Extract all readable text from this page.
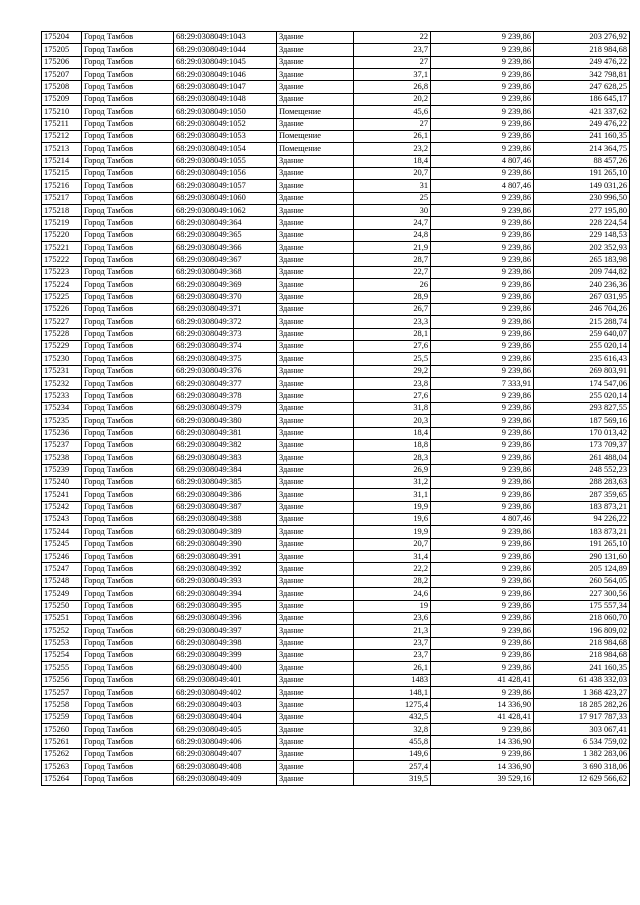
175204	Город Тамбов	68:29:0308049:1043	Здание	22	9 239,86	203 276,92
175205	Город Тамбов	68:29:0308049:1044	Здание	23,7	9 239,86	218 984,68
175206	Город Тамбов	68:29:0308049:1045	Здание	27	9 239,86	249 476,22
175207	Город Тамбов	68:29:0308049:1046	Здание	37,1	9 239,86	342 798,81
175208	Город Тамбов	68:29:0308049:1047	Здание	26,8	9 239,86	247 628,25
175209	Город Тамбов	68:29:0308049:1048	Здание	20,2	9 239,86	186 645,17
175210	Город Тамбов	68:29:0308049:1050	Помещение	45,6	9 239,86	421 337,62
175211	Город Тамбов	68:29:0308049:1052	Здание	27	9 239,86	249 476,22
175212	Город Тамбов	68:29:0308049:1053	Помещение	26,1	9 239,86	241 160,35
175213	Город Тамбов	68:29:0308049:1054	Помещение	23,2	9 239,86	214 364,75
175214	Город Тамбов	68:29:0308049:1055	Здание	18,4	4 807,46	88 457,26
175215	Город Тамбов	68:29:0308049:1056	Здание	20,7	9 239,86	191 265,10
175216	Город Тамбов	68:29:0308049:1057	Здание	31	4 807,46	149 031,26
175217	Город Тамбов	68:29:0308049:1060	Здание	25	9 239,86	230 996,50
175218	Город Тамбов	68:29:0308049:1062	Здание	30	9 239,86	277 195,80
175219	Город Тамбов	68:29:0308049:364	Здание	24,7	9 239,86	228 224,54
175220	Город Тамбов	68:29:0308049:365	Здание	24,8	9 239,86	229 148,53
175221	Город Тамбов	68:29:0308049:366	Здание	21,9	9 239,86	202 352,93
175222	Город Тамбов	68:29:0308049:367	Здание	28,7	9 239,86	265 183,98
175223	Город Тамбов	68:29:0308049:368	Здание	22,7	9 239,86	209 744,82
175224	Город Тамбов	68:29:0308049:369	Здание	26	9 239,86	240 236,36
175225	Город Тамбов	68:29:0308049:370	Здание	28,9	9 239,86	267 031,95
175226	Город Тамбов	68:29:0308049:371	Здание	26,7	9 239,86	246 704,26
175227	Город Тамбов	68:29:0308049:372	Здание	23,3	9 239,86	215 288,74
175228	Город Тамбов	68:29:0308049:373	Здание	28,1	9 239,86	259 640,07
175229	Город Тамбов	68:29:0308049:374	Здание	27,6	9 239,86	255 020,14
175230	Город Тамбов	68:29:0308049:375	Здание	25,5	9 239,86	235 616,43
175231	Город Тамбов	68:29:0308049:376	Здание	29,2	9 239,86	269 803,91
175232	Город Тамбов	68:29:0308049:377	Здание	23,8	7 333,91	174 547,06
175233	Город Тамбов	68:29:0308049:378	Здание	27,6	9 239,86	255 020,14
175234	Город Тамбов	68:29:0308049:379	Здание	31,8	9 239,86	293 827,55
175235	Город Тамбов	68:29:0308049:380	Здание	20,3	9 239,86	187 569,16
175236	Город Тамбов	68:29:0308049:381	Здание	18,4	9 239,86	170 013,42
175237	Город Тамбов	68:29:0308049:382	Здание	18,8	9 239,86	173 709,37
175238	Город Тамбов	68:29:0308049:383	Здание	28,3	9 239,86	261 488,04
175239	Город Тамбов	68:29:0308049:384	Здание	26,9	9 239,86	248 552,23
175240	Город Тамбов	68:29:0308049:385	Здание	31,2	9 239,86	288 283,63
175241	Город Тамбов	68:29:0308049:386	Здание	31,1	9 239,86	287 359,65
175242	Город Тамбов	68:29:0308049:387	Здание	19,9	9 239,86	183 873,21
175243	Город Тамбов	68:29:0308049:388	Здание	19,6	4 807,46	94 226,22
175244	Город Тамбов	68:29:0308049:389	Здание	19,9	9 239,86	183 873,21
175245	Город Тамбов	68:29:0308049:390	Здание	20,7	9 239,86	191 265,10
175246	Город Тамбов	68:29:0308049:391	Здание	31,4	9 239,86	290 131,60
175247	Город Тамбов	68:29:0308049:392	Здание	22,2	9 239,86	205 124,89
175248	Город Тамбов	68:29:0308049:393	Здание	28,2	9 239,86	260 564,05
175249	Город Тамбов	68:29:0308049:394	Здание	24,6	9 239,86	227 300,56
175250	Город Тамбов	68:29:0308049:395	Здание	19	9 239,86	175 557,34
175251	Город Тамбов	68:29:0308049:396	Здание	23,6	9 239,86	218 060,70
175252	Город Тамбов	68:29:0308049:397	Здание	21,3	9 239,86	196 809,02
175253	Город Тамбов	68:29:0308049:398	Здание	23,7	9 239,86	218 984,68
175254	Город Тамбов	68:29:0308049:399	Здание	23,7	9 239,86	218 984,68
175255	Город Тамбов	68:29:0308049:400	Здание	26,1	9 239,86	241 160,35
175256	Город Тамбов	68:29:0308049:401	Здание	1483	41 428,41	61 438 332,03
175257	Город Тамбов	68:29:0308049:402	Здание	148,1	9 239,86	1 368 423,27
175258	Город Тамбов	68:29:0308049:403	Здание	1275,4	14 336,90	18 285 282,26
175259	Город Тамбов	68:29:0308049:404	Здание	432,5	41 428,41	17 917 787,33
175260	Город Тамбов	68:29:0308049:405	Здание	32,8	9 239,86	303 067,41
175261	Город Тамбов	68:29:0308049:406	Здание	455,8	14 336,90	6 534 759,02
175262	Город Тамбов	68:29:0308049:407	Здание	149,6	9 239,86	1 382 283,06
175263	Город Тамбов	68:29:0308049:408	Здание	257,4	14 336,90	3 690 318,06
175264	Город Тамбов	68:29:0308049:409	Здание	319,5	39 529,16	12 629 566,62
